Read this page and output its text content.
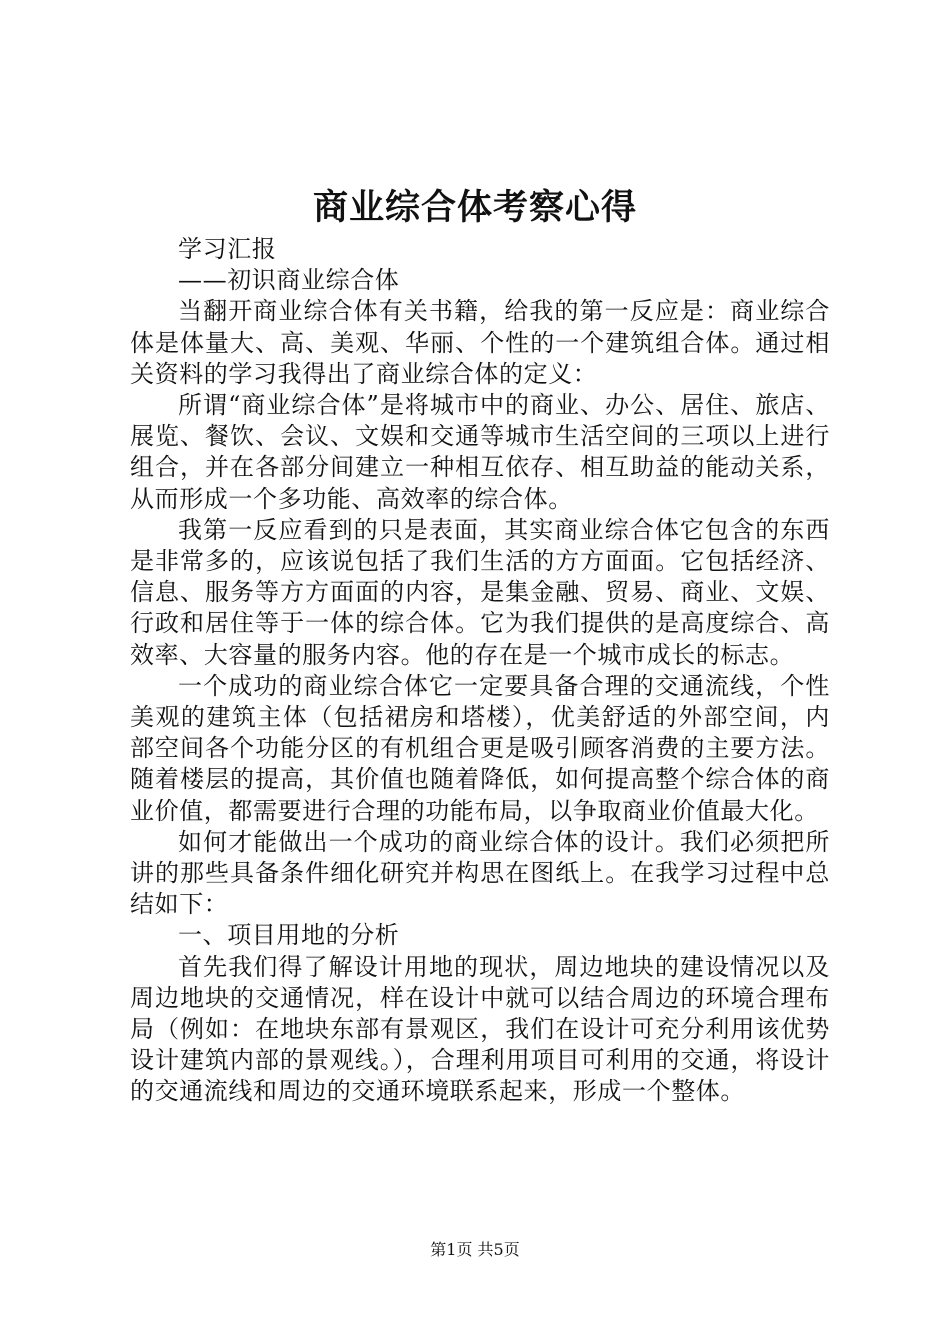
商业综合体考察心得

学习汇报

——初识商业综合体

当翻开商业综合体有关书籍，给我的第一反应是：商业综合体是体量大、高、美观、华丽、个性的一个建筑组合体。通过相关资料的学习我得出了商业综合体的定义：

所谓“商业综合体”是将城市中的商业、办公、居住、旅店、展览、餐饮、会议、文娱和交通等城市生活空间的三项以上进行组合，并在各部分间建立一种相互依存、相互助益的能动关系，从而形成一个多功能、高效率的综合体。

我第一反应看到的只是表面，其实商业综合体它包含的东西是非常多的，应该说包括了我们生活的方方面面。它包括经济、信息、服务等方方面面的内容，是集金融、贸易、商业、文娱、行政和居住等于一体的综合体。它为我们提供的是高度综合、高效率、大容量的服务内容。他的存在是一个城市成长的标志。

一个成功的商业综合体它一定要具备合理的交通流线，个性美观的建筑主体（包括裙房和塔楼），优美舒适的外部空间，内部空间各个功能分区的有机组合更是吸引顾客消费的主要方法。随着楼层的提高，其价值也随着降低，如何提高整个综合体的商业价值，都需要进行合理的功能布局，以争取商业价值最大化。

如何才能做出一个成功的商业综合体的设计。我们必须把所讲的那些具备条件细化研究并构思在图纸上。在我学习过程中总结如下：

一、项目用地的分析

首先我们得了解设计用地的现状，周边地块的建设情况以及周边地块的交通情况，样在设计中就可以结合周边的环境合理布局（例如：在地块东部有景观区，我们在设计可充分利用该优势设计建筑内部的景观线。），合理利用项目可利用的交通，将设计的交通流线和周边的交通环境联系起来，形成一个整体。

第1页 共5页
